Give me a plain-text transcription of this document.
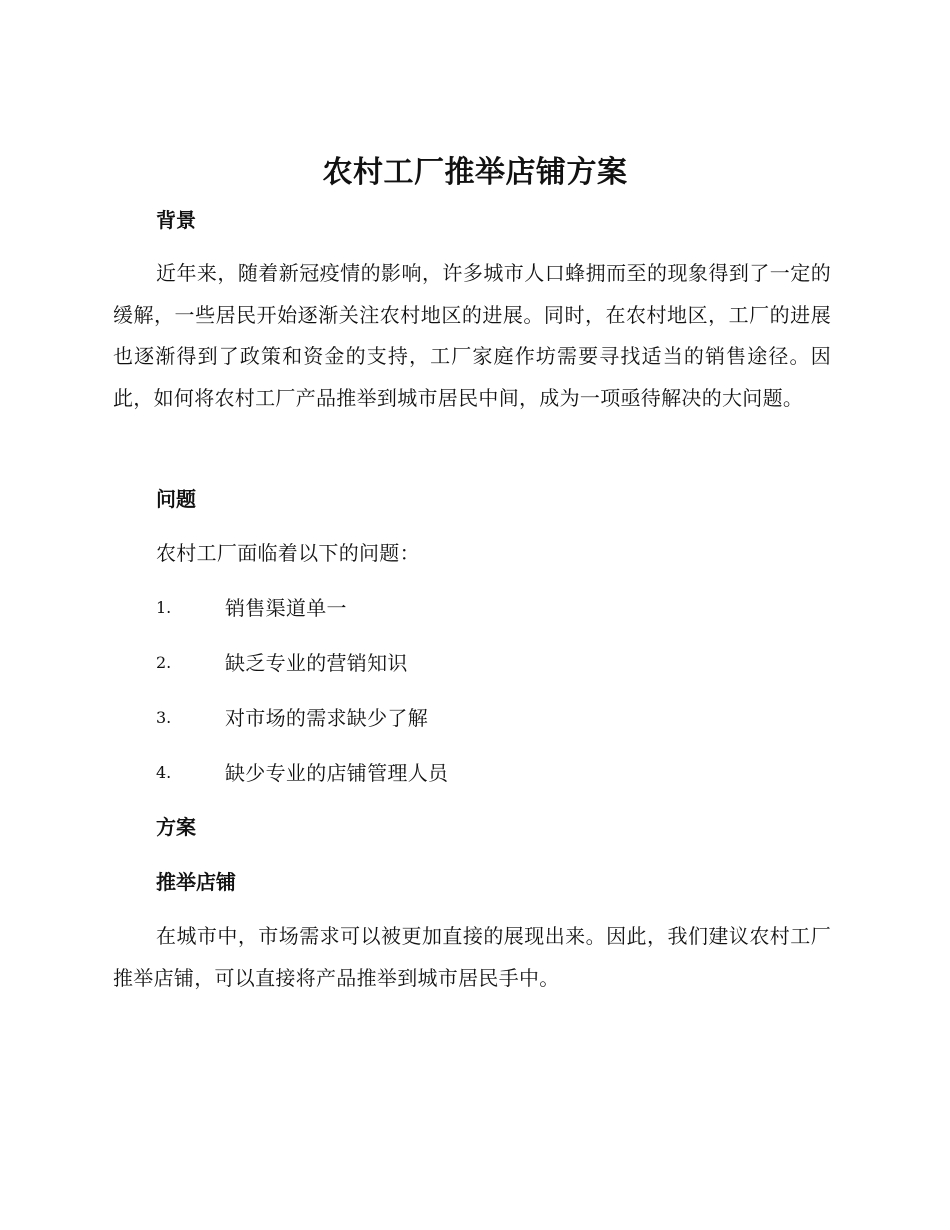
农村工厂推举店铺方案
背景
近年来，随着新冠疫情的影响，许多城市人口蜂拥而至的现象得到了一定的缓解，一些居民开始逐渐关注农村地区的进展。同时，在农村地区，工厂的进展也逐渐得到了政策和资金的支持，工厂家庭作坊需要寻找适当的销售途径。因此，如何将农村工厂产品推举到城市居民中间，成为一项亟待解决的大问题。
问题
农村工厂面临着以下的问题：
1.	销售渠道单一
2.	缺乏专业的营销知识
3.	对市场的需求缺少了解
4.	缺少专业的店铺管理人员
方案
推举店铺
在城市中，市场需求可以被更加直接的展现出来。因此，我们建议农村工厂推举店铺，可以直接将产品推举到城市居民手中。
